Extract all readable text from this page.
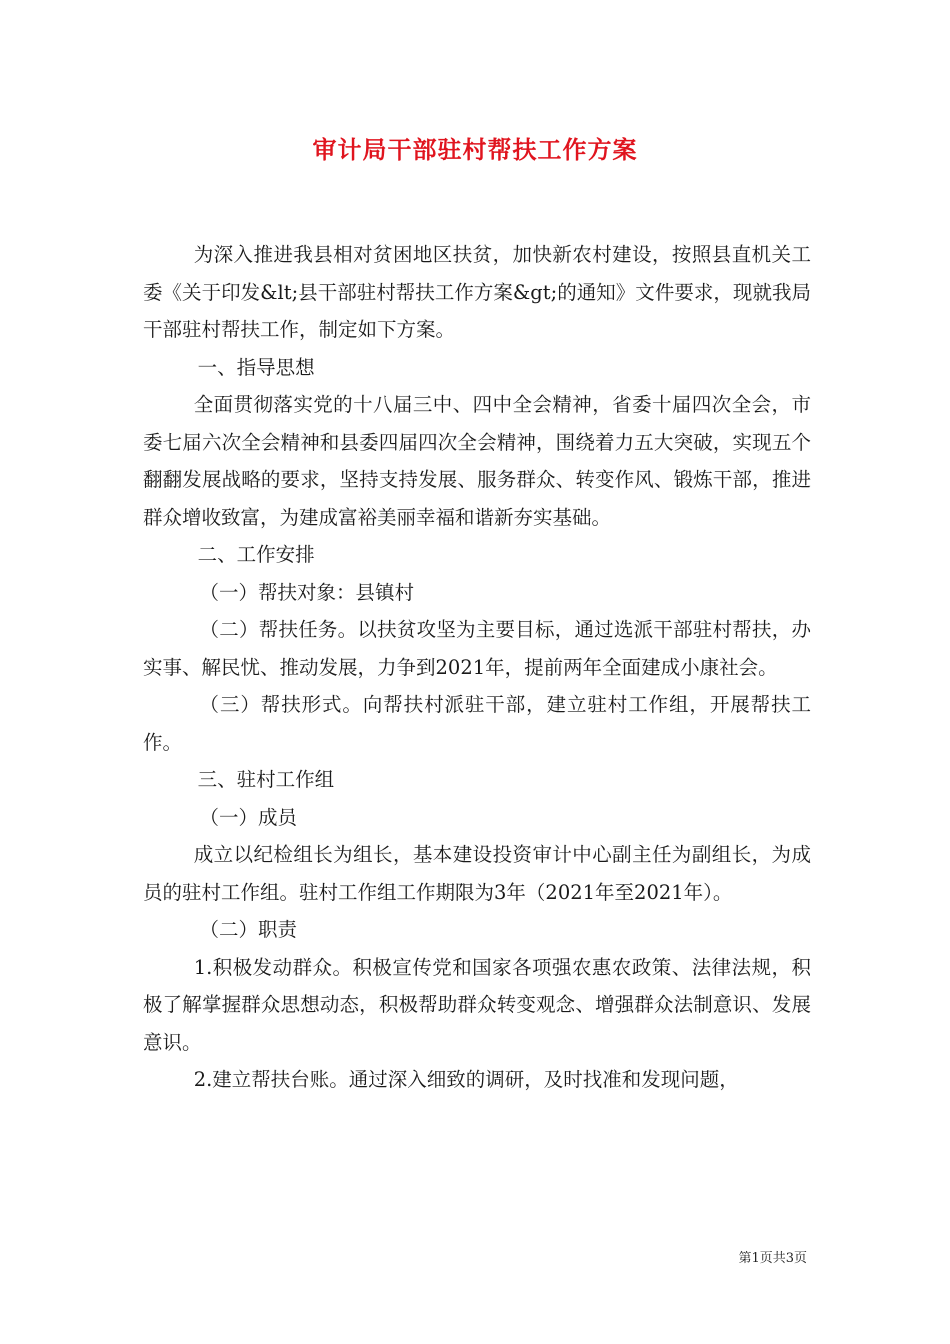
审计局干部驻村帮扶工作方案

为深入推进我县相对贫困地区扶贫，加快新农村建设，按照县直机关工委《关于印发&lt;县干部驻村帮扶工作方案&gt;的通知》文件要求，现就我局干部驻村帮扶工作，制定如下方案。

一、指导思想

全面贯彻落实党的十八届三中、四中全会精神，省委十届四次全会，市委七届六次全会精神和县委四届四次全会精神，围绕着力五大突破，实现五个翻翻发展战略的要求，坚持支持发展、服务群众、转变作风、锻炼干部，推进群众增收致富，为建成富裕美丽幸福和谐新夯实基础。

二、工作安排

（一）帮扶对象：县镇村

（二）帮扶任务。以扶贫攻坚为主要目标，通过选派干部驻村帮扶，办实事、解民忧、推动发展，力争到2021年，提前两年全面建成小康社会。

（三）帮扶形式。向帮扶村派驻干部，建立驻村工作组，开展帮扶工作。

三、驻村工作组

（一）成员

成立以纪检组长为组长，基本建设投资审计中心副主任为副组长，为成员的驻村工作组。驻村工作组工作期限为3年（2021年至2021年）。

（二）职责

1.积极发动群众。积极宣传党和国家各项强农惠农政策、法律法规，积极了解掌握群众思想动态，积极帮助群众转变观念、增强群众法制意识、发展意识。

2.建立帮扶台账。通过深入细致的调研，及时找准和发现问题，

第1页共3页
